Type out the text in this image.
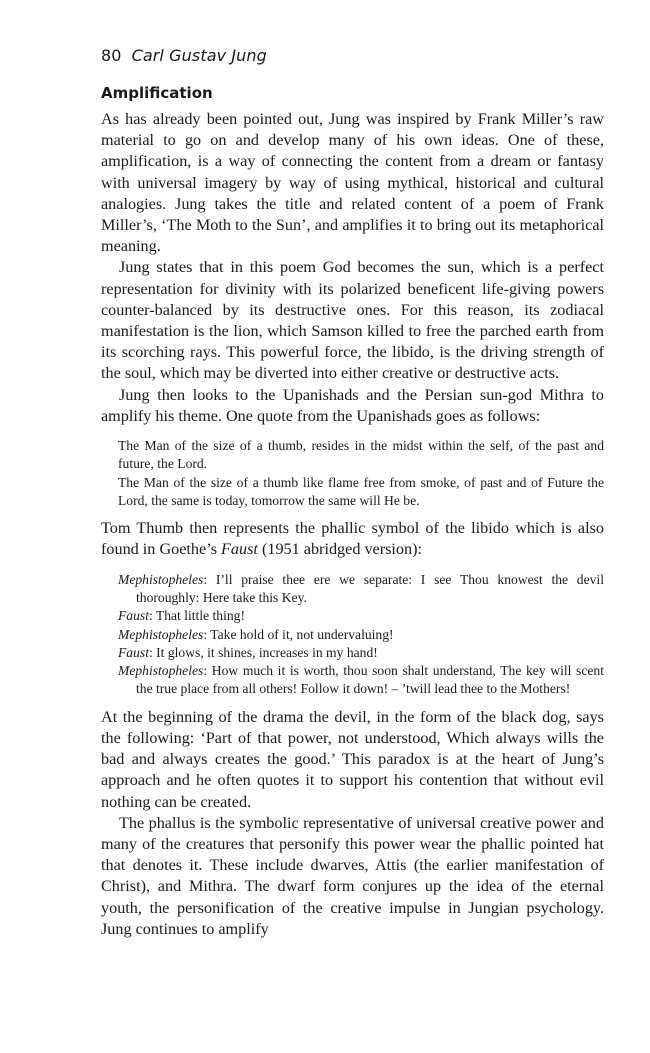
80 Carl Gustav Jung
Amplification

As has already been pointed out, Jung was inspired by Frank Miller’s raw material to go on and develop many of his own ideas. One of these, amplification, is a way of connecting the content from a dream or fantasy with universal imagery by way of using mythical, historical and cultural analogies. Jung takes the title and related content of a poem of Frank Miller’s, ‘The Moth to the Sun’, and amplifies it to bring out its metaphorical meaning.

Jung states that in this poem God becomes the sun, which is a perfect representation for divinity with its polarized beneficent life-giving powers counter-balanced by its destructive ones. For this reason, its zodiacal manifestation is the lion, which Samson killed to free the parched earth from its scorching rays. This powerful force, the libido, is the driving strength of the soul, which may be diverted into either creative or destructive acts.

Jung then looks to the Upanishads and the Persian sun-god Mithra to amplify his theme. One quote from the Upanishads goes as follows:

The Man of the size of a thumb, resides in the midst within the self, of the past and future, the Lord.
The Man of the size of a thumb like flame free from smoke, of past and of Future the Lord, the same is today, tomorrow the same will He be.

Tom Thumb then represents the phallic symbol of the libido which is also found in Goethe’s Faust (1951 abridged version):

Mephistopheles: I’ll praise thee ere we separate: I see Thou knowest the devil thoroughly: Here take this Key.
Faust: That little thing!
Mephistopheles: Take hold of it, not undervaluing!
Faust: It glows, it shines, increases in my hand!
Mephistopheles: How much it is worth, thou soon shalt understand, The key will scent the true place from all others! Follow it down! – ’twill lead thee to the Mothers!

At the beginning of the drama the devil, in the form of the black dog, says the following: ‘Part of that power, not understood, Which always wills the bad and always creates the good.’ This paradox is at the heart of Jung’s approach and he often quotes it to support his contention that without evil nothing can be created.

The phallus is the symbolic representative of universal creative power and many of the creatures that personify this power wear the phallic pointed hat that denotes it. These include dwarves, Attis (the earlier manifestation of Christ), and Mithra. The dwarf form conjures up the idea of the eternal youth, the personification of the creative impulse in Jungian psychology. Jung continues to amplify
